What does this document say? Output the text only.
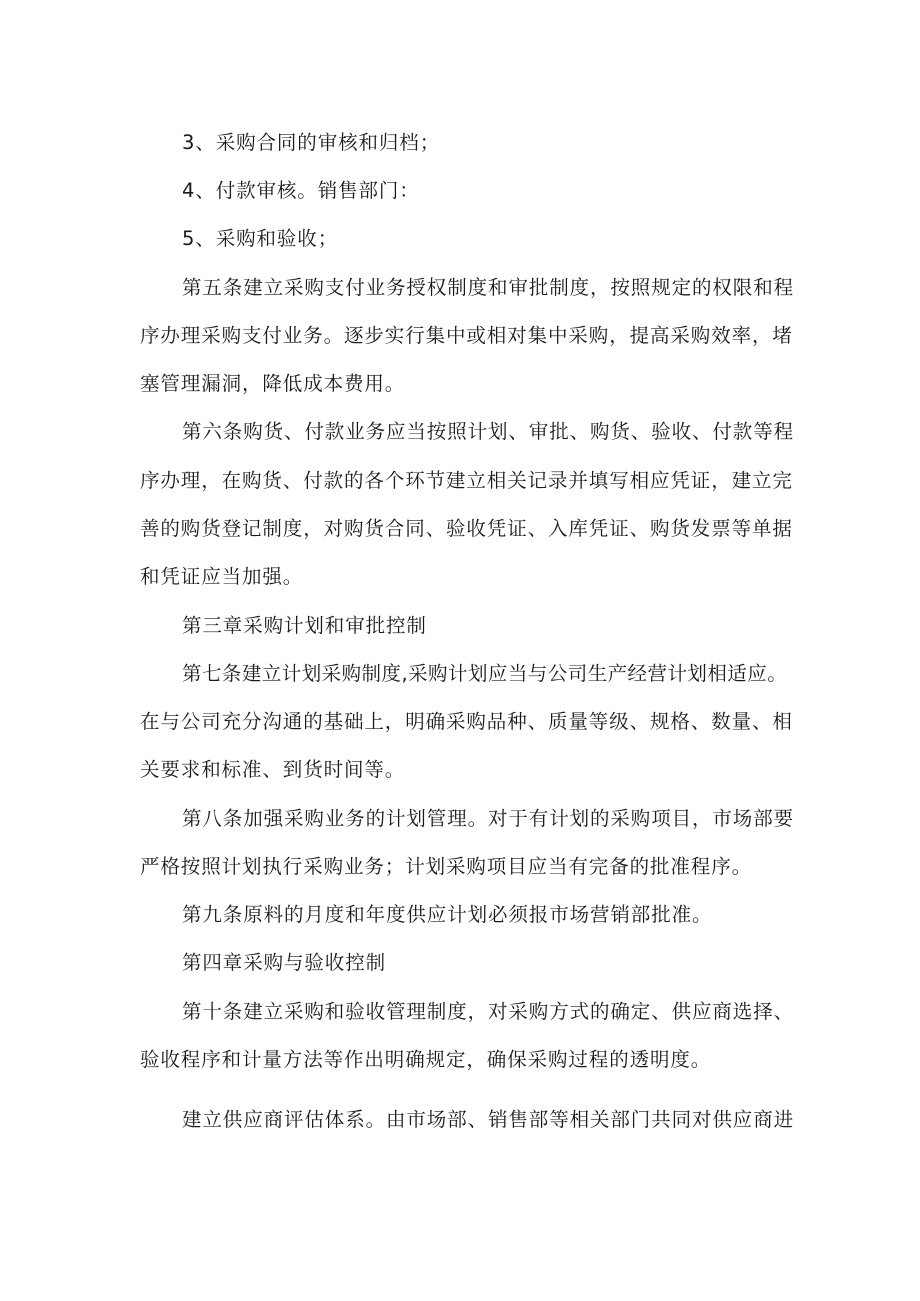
3、采购合同的审核和归档；
4、付款审核。销售部门：
5、采购和验收；
第五条建立采购支付业务授权制度和审批制度，按照规定的权限和程
序办理采购支付业务。逐步实行集中或相对集中采购，提高采购效率，堵
塞管理漏洞，降低成本费用。
第六条购货、付款业务应当按照计划、审批、购货、验收、付款等程
序办理，在购货、付款的各个环节建立相关记录并填写相应凭证，建立完
善的购货登记制度，对购货合同、验收凭证、入库凭证、购货发票等单据
和凭证应当加强。
第三章采购计划和审批控制
第七条建立计划采购制度,采购计划应当与公司生产经营计划相适应。
在与公司充分沟通的基础上，明确采购品种、质量等级、规格、数量、相
关要求和标准、到货时间等。
第八条加强采购业务的计划管理。对于有计划的采购项目，市场部要
严格按照计划执行采购业务；计划采购项目应当有完备的批准程序。
第九条原料的月度和年度供应计划必须报市场营销部批准。
第四章采购与验收控制
第十条建立采购和验收管理制度，对采购方式的确定、供应商选择、
验收程序和计量方法等作出明确规定，确保采购过程的透明度。
建立供应商评估体系。由市场部、销售部等相关部门共同对供应商进
